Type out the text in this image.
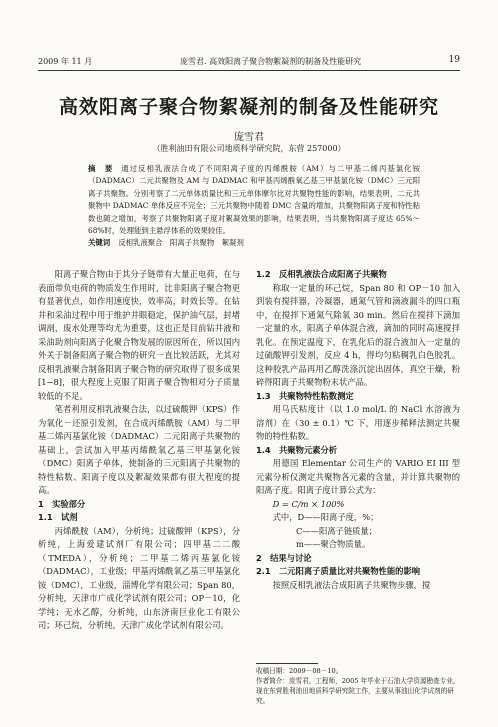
2009 年 11 月	庞雪君. 高效阳离子聚合物絮凝剂的制备及性能研究	19
高效阳离子聚合物絮凝剂的制备及性能研究
庞雪君
（胜利油田有限公司地质科学研究院，东营 257000）
摘　要 通过反相乳液法合成了不同阳离子度的丙烯酰胺（AM）与二甲基二烯丙基氯化铵（DADMAC）二元共聚物及 AM 与 DADMAC 和甲基丙烯酰氧乙基三甲基氯化铵（DMC）三元阳离子共聚物。分别考察了二元单体质量比和三元单体摩尔比对共聚物性能的影响，结果表明，二元共聚物中 DADMAC 单体反应不完全；三元共聚物中随着 DMC 含量的增加，共聚物阳离子度和特性粘数也随之增加。考察了共聚物阳离子度对絮凝效果的影响，结果表明，当共聚物阳离子度达 65%～68%时，处理能到主悬浮体系的效果较佳。
关键词 反相乳液聚合　阳离子共聚物　絮凝剂

阳离子聚合物由于其分子链带有大量正电荷，在与表面带负电荷的物质发生作用时，比非阳离子聚合物更有显著优点，如作用速度快，效率高，时效长等。在钻井和采油过程中用于维护井眼稳定，保护油气层，封堵调剖，废水处理等均尤为重要，这也正是目前钻井液和采油助剂向阳离子化聚合物发展的原因所在，所以国内外关于制备阳离子聚合物的研究一直比较活跃，尤其对反相乳液聚合制备阳离子聚合物的研究取得了很多成果[1−8]，很大程度上克服了阳离子聚合物相对分子质量较低的不足。

笔者利用反相乳液聚合法，以过硫酸钾（KPS）作为氧化－还原引发剂，在合成丙烯酰胺（AM）与二甲基二烯丙基氯化铵（DADMAC）二元阳离子共聚物的基础上，尝试加入甲基丙烯酰氧乙基三甲基氯化铵（DMC）阳离子单体，使制备的三元阳离子共聚物的特性粘数、阳离子度以及絮凝效果都有很大程度的提高。

1　实验部分

1.1　试剂

丙烯酰胺（AM），分析纯；过硫酸钾（KPS），分析纯，上海爱建试剂厂有限公司；四甲基二二酸（TMEDA），分析纯；二甲基二烯丙基氯化铵（DADMAC），工业级；甲基丙烯酰氧乙基三甲基氯化铵（DMC），工业级，淄博化学有限公司；Span 80，分析纯，天津市广成化学试剂有限公司；OP－10，化学纯；无水乙醇，分析纯，山东济南巨业化工有限公司；环己烷，分析纯，天津广成化学试剂有限公司。

1.2　反相乳液法合成阳离子共聚物

称取一定量的环己烷，Span 80 和 OP－10 加入到装有搅拌器，冷凝器，通氮气管和滴液漏斗的四口瓶中，在搅拌下通氮气除氧 30 min。然后在搅拌下滴加一定量的水，阳离子单体混合液，滴加的同时高速搅拌乳化。在预定温度下，在乳化后的混合液加入一定量的过硫酸钾引发剂，反应 4 h，得均匀粘稠乳白色胶乳。这种胶乳产品再用乙醇洗涤沉淀出固体，真空干燥，粉碎得阳离子共聚物粉末状产品。

1.3　共聚物特性粘数测定

用乌氏粘度计（以 1.0 mol/L 的 NaCl 水溶液为溶剂）在（30 ± 0.1）℃ 下，用逐步稀释法测定共聚物的特性粘数。

1.4　共聚物元素分析

用德国 Elementar 公司生产的 VARIO EI III 型元素分析仪测定共聚物各元素的含量，并计算共聚物的阳离子度。阳离子度计算公式为：

D = C/m × 100%

式中，D——阳离子度，%；

C——阳离子链质量；

m——聚合物质量。

2　结果与讨论

2.1　二元阳离子质量比对共聚物性能的影响

按照反相乳液法合成阳离子共聚物步骤，搅

收稿日期：2009－08－10。
作者简介：庞雪君，工程师，2005 年毕业于石油大学资源勘查专业，现在东营胜利油田地质科学研究院工作，主要从事油田化学试剂的研究。
